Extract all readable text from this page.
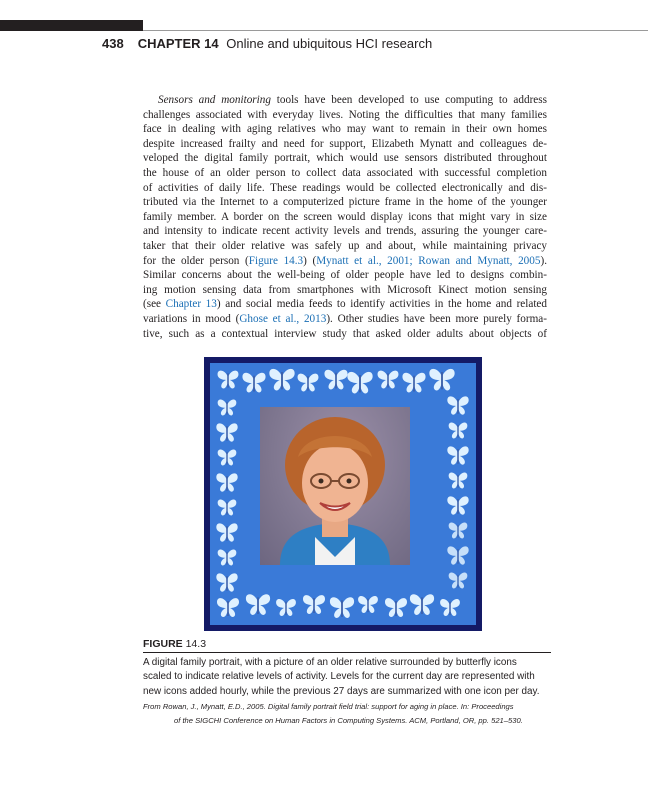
438 CHAPTER 14 Online and ubiquitous HCI research
Sensors and monitoring tools have been developed to use computing to address
challenges associated with everyday lives. Noting the difficulties that many families
face in dealing with aging relatives who may want to remain in their own homes
despite increased frailty and need for support, Elizabeth Mynatt and colleagues de-
veloped the digital family portrait, which would use sensors distributed throughout
the house of an older person to collect data associated with successful completion
of activities of daily life. These readings would be collected electronically and dis-
tributed via the Internet to a computerized picture frame in the home of the younger
family member. A border on the screen would display icons that might vary in size
and intensity to indicate recent activity levels and trends, assuring the younger care-
taker that their older relative was safely up and about, while maintaining privacy
for the older person (Figure 14.3) (Mynatt et al., 2001; Rowan and Mynatt, 2005).
Similar concerns about the well-being of older people have led to designs combin-
ing motion sensing data from smartphones with Microsoft Kinect motion sensing
(see Chapter 13) and social media feeds to identify activities in the home and related
variations in mood (Ghose et al., 2013). Other studies have been more purely forma-
tive, such as a contextual interview study that asked older adults about objects of
FIGURE 14.3
A digital family portrait, with a picture of an older relative surrounded by butterfly icons
scaled to indicate relative levels of activity. Levels for the current day are represented with
new icons added hourly, while the previous 27 days are summarized with one icon per day.
From Rowan, J., Mynatt, E.D., 2005. Digital family portrait field trial: support for aging in place. In: Proceedings
of the SIGCHI Conference on Human Factors in Computing Systems. ACM, Portland, OR, pp. 521–530.
